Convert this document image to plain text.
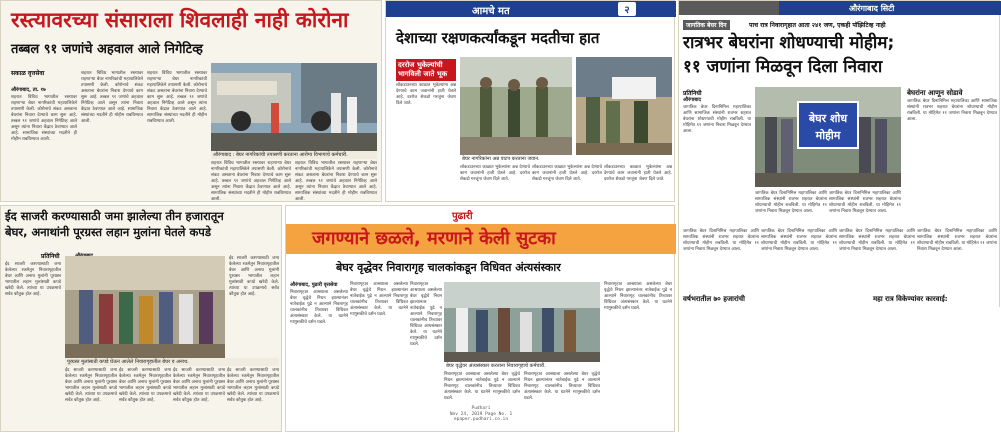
रस्त्यावरच्या संसाराला शिवलाही नाही कोरोना
तब्बल ९१ जणांचे अहवाल आले निगेटिव्ह
सकाळ वृत्तसेवा
औरंगाबाद, ता. १७
शहरात विविध भागातील रस्त्यावर राहणाऱ्या बेघर नागरिकांची महापालिकेने तपासणी केली. कोरोनाचे संकट असताना बेघरांना निवारा देण्याचे काम सुरू आहे. तब्बल ९१ जणांचे अहवाल निगेटिव्ह आले असून त्यांना निवारा केंद्रात ठेवण्यात आले आहे. सामाजिक संस्थांच्या मदतीने ही मोहीम राबविण्यात आली.
शहरात विविध भागातील रस्त्यावर राहणाऱ्या बेघर नागरिकांची महापालिकेने तपासणी केली. कोरोनाचे संकट असताना बेघरांना निवारा देण्याचे काम सुरू आहे. तब्बल ९१ जणांचे अहवाल निगेटिव्ह आले असून त्यांना निवारा केंद्रात ठेवण्यात आले आहे. सामाजिक संस्थांच्या मदतीने ही मोहीम राबविण्यात आली.
शहरात विविध भागातील रस्त्यावर राहणाऱ्या बेघर नागरिकांची महापालिकेने तपासणी केली. कोरोनाचे संकट असताना बेघरांना निवारा देण्याचे काम सुरू आहे. तब्बल ९१ जणांचे अहवाल निगेटिव्ह आले असून त्यांना निवारा केंद्रात ठेवण्यात आले आहे. सामाजिक संस्थांच्या मदतीने ही मोहीम राबविण्यात आली.
औरंगाबाद : बेघर नागरिकांची तपासणी करताना आरोग्य विभागाचे कर्मचारी.
शहरात विविध भागातील रस्त्यावर राहणाऱ्या बेघर नागरिकांची महापालिकेने तपासणी केली. कोरोनाचे संकट असताना बेघरांना निवारा देण्याचे काम सुरू आहे. तब्बल ९१ जणांचे अहवाल निगेटिव्ह आले असून त्यांना निवारा केंद्रात ठेवण्यात आले आहे. सामाजिक संस्थांच्या मदतीने ही मोहीम राबविण्यात आली.
शहरात विविध भागातील रस्त्यावर राहणाऱ्या बेघर नागरिकांची महापालिकेने तपासणी केली. कोरोनाचे संकट असताना बेघरांना निवारा देण्याचे काम सुरू आहे. तब्बल ९१ जणांचे अहवाल निगेटिव्ह आले असून त्यांना निवारा केंद्रात ठेवण्यात आले आहे. सामाजिक संस्थांच्या मदतीने ही मोहीम राबविण्यात आली.
आमचे मत	२
देशाच्या रक्षणकर्त्यांकडून मदतीचा हात
दररोज भुकेल्यांची भागविली जाते भूक
लॉकडाउनच्या काळात भुकेल्यांना अन्न देण्याचे काम जवानांनी हाती घेतले आहे. दररोज शेकडो गरजूंना जेवण दिले जाते.
बेघर नागरिकांना अन्न वाटप करताना जवान.
लॉकडाउनच्या काळात भुकेल्यांना अन्न देण्याचे काम जवानांनी हाती घेतले आहे. दररोज शेकडो गरजूंना जेवण दिले जाते.
लॉकडाउनच्या काळात भुकेल्यांना अन्न देण्याचे काम जवानांनी हाती घेतले आहे. दररोज शेकडो गरजूंना जेवण दिले जाते.
लॉकडाउनच्या काळात भुकेल्यांना अन्न देण्याचे काम जवानांनी हाती घेतले आहे. दररोज शेकडो गरजूंना जेवण दिले जाते.
औरंगाबाद सिटी
जागतिक बेघर दिन	पाच रात्र निवारागृहात आता २४१ जण, एकही पॉझिटिव्ह नाही
रात्रभर बेघरांना शोधण्याची मोहीम;
११ जणांना मिळवून दिला निवारा
प्रतिनिधी
औरंगाबाद
जागतिक बेघर दिनानिमित्त महापालिका आणि सामाजिक संस्थांनी रात्रभर शहरात बेघरांना शोधण्याची मोहीम राबविली. या मोहिमेत ११ जणांना निवारा मिळवून देण्यात आला.
बेघर शोध
मोहीम
बेघरांना आणून सोडावे
जागतिक बेघर दिनानिमित्त महापालिका आणि सामाजिक संस्थांनी रात्रभर शहरात बेघरांना शोधण्याची मोहीम राबविली. या मोहिमेत ११ जणांना निवारा मिळवून देण्यात आला.
जागतिक बेघर दिनानिमित्त महापालिका आणि सामाजिक संस्थांनी रात्रभर शहरात बेघरांना शोधण्याची मोहीम राबविली. या मोहिमेत ११ जणांना निवारा मिळवून देण्यात आला.
जागतिक बेघर दिनानिमित्त महापालिका आणि सामाजिक संस्थांनी रात्रभर शहरात बेघरांना शोधण्याची मोहीम राबविली. या मोहिमेत ११ जणांना निवारा मिळवून देण्यात आला.
जागतिक बेघर दिनानिमित्त महापालिका आणि सामाजिक संस्थांनी रात्रभर शहरात बेघरांना शोधण्याची मोहीम राबविली. या मोहिमेत ११ जणांना निवारा मिळवून देण्यात आला.
जागतिक बेघर दिनानिमित्त महापालिका आणि सामाजिक संस्थांनी रात्रभर शहरात बेघरांना शोधण्याची मोहीम राबविली. या मोहिमेत ११ जणांना निवारा मिळवून देण्यात आला.
जागतिक बेघर दिनानिमित्त महापालिका आणि सामाजिक संस्थांनी रात्रभर शहरात बेघरांना शोधण्याची मोहीम राबविली. या मोहिमेत ११ जणांना निवारा मिळवून देण्यात आला.
जागतिक बेघर दिनानिमित्त महापालिका आणि सामाजिक संस्थांनी रात्रभर शहरात बेघरांना शोधण्याची मोहीम राबविली. या मोहिमेत ११ जणांना निवारा मिळवून देण्यात आला.
वर्षभरातील ७० हजारांची	महा रात्र विकेण्यांवर कारवाई:
ईद साजरी करण्यासाठी जमा झालेल्या तीन हजारातून
बेघर, अनाथांनी पूरग्रस्त लहान मुलांना घेतले कपडे
प्रतिनिधी
ईद साजरी करण्यासाठी जमा केलेल्या रकमेतून निवारागृहातील बेघर आणि अनाथ मुलांनी पूरग्रस्त भागातील लहान मुलांसाठी कपडे खरेदी केले. त्यांच्या या उपक्रमाचे सर्वत्र कौतुक होत आहे.
ईद साजरी करण्यासाठी जमा केलेल्या रकमेतून निवारागृहातील बेघर आणि अनाथ मुलांनी पूरग्रस्त भागातील लहान मुलांसाठी कपडे खरेदी केले. त्यांच्या या उपक्रमाचे सर्वत्र कौतुक होत आहे.
पूरग्रस्त मुलांसाठी कपडे घेऊन आलेले निवारागृहातील बेघर व अनाथ.
ईद साजरी करण्यासाठी जमा केलेल्या रकमेतून निवारागृहातील बेघर आणि अनाथ मुलांनी पूरग्रस्त भागातील लहान मुलांसाठी कपडे खरेदी केले. त्यांच्या या उपक्रमाचे सर्वत्र कौतुक होत आहे.
ईद साजरी करण्यासाठी जमा केलेल्या रकमेतून निवारागृहातील बेघर आणि अनाथ मुलांनी पूरग्रस्त भागातील लहान मुलांसाठी कपडे खरेदी केले. त्यांच्या या उपक्रमाचे सर्वत्र कौतुक होत आहे.
ईद साजरी करण्यासाठी जमा केलेल्या रकमेतून निवारागृहातील बेघर आणि अनाथ मुलांनी पूरग्रस्त भागातील लहान मुलांसाठी कपडे खरेदी केले. त्यांच्या या उपक्रमाचे सर्वत्र कौतुक होत आहे.
ईद साजरी करण्यासाठी जमा केलेल्या रकमेतून निवारागृहातील बेघर आणि अनाथ मुलांनी पूरग्रस्त भागातील लहान मुलांसाठी कपडे खरेदी केले. त्यांच्या या उपक्रमाचे सर्वत्र कौतुक होत आहे.
पुढारी
जगण्याने छळले, मरणाने केली सुटका
बेघर वृद्धेवर निवारागृह चालकांकडून विधिवत अंत्यसंस्कार
औरंगाबाद, पुढारी वृत्तसेवा
निवारागृहात आश्रयाला असलेल्या बेघर वृद्धेचे निधन झाल्यानंतर नातेवाईक पुढे न आल्याने निवारागृह चालकांनीच तिच्यावर विधिवत अंत्यसंस्कार केले. या घटनेने माणुसकीचे दर्शन घडले.
निवारागृहात आश्रयाला असलेल्या बेघर वृद्धेचे निधन झाल्यानंतर नातेवाईक पुढे न आल्याने निवारागृह चालकांनीच तिच्यावर विधिवत अंत्यसंस्कार केले. या घटनेने माणुसकीचे दर्शन घडले.
निवारागृहात आश्रयाला असलेल्या बेघर वृद्धेचे निधन झाल्यानंतर नातेवाईक पुढे न आल्याने निवारागृह चालकांनीच तिच्यावर विधिवत अंत्यसंस्कार केले. या घटनेने माणुसकीचे दर्शन घडले.
निवारागृहात आश्रयाला असलेल्या बेघर वृद्धेचे निधन झाल्यानंतर नातेवाईक पुढे न आल्याने निवारागृह चालकांनीच तिच्यावर विधिवत अंत्यसंस्कार केले. या घटनेने माणुसकीचे दर्शन घडले.
बेघर वृद्धेवर अंत्यसंस्कार करताना निवारागृहाचे कर्मचारी.
निवारागृहात आश्रयाला असलेल्या बेघर वृद्धेचे निधन झाल्यानंतर नातेवाईक पुढे न आल्याने निवारागृह चालकांनीच तिच्यावर विधिवत अंत्यसंस्कार केले. या घटनेने माणुसकीचे दर्शन घडले.
निवारागृहात आश्रयाला असलेल्या बेघर वृद्धेचे निधन झाल्यानंतर नातेवाईक पुढे न आल्याने निवारागृह चालकांनीच तिच्यावर विधिवत अंत्यसंस्कार केले. या घटनेने माणुसकीचे दर्शन घडले.
Pudhari
Nov 24, 2019 Page No. 1
epaper.pudhari.co.in
